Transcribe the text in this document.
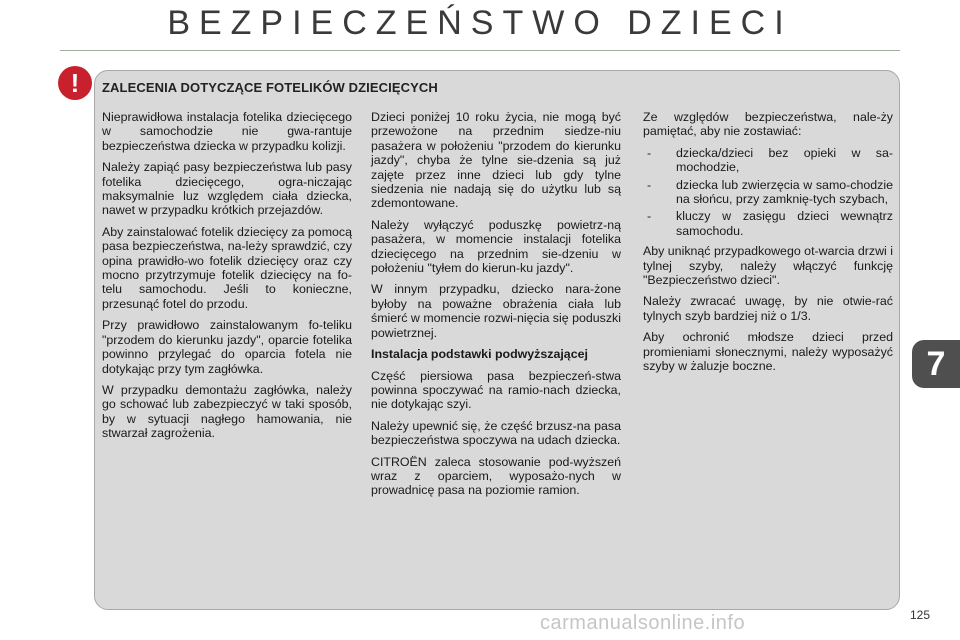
BEZPIECZEŃSTWO DZIECI
!	ZALECENIA DOTYCZĄCE FOTELIKÓW DZIECIĘCYCH

Nieprawidłowa instalacja fotelika dziecięcego w samochodzie nie gwa-rantuje bezpieczeństwa dziecka w przypadku kolizji.

Należy zapiąć pasy bezpieczeństwa lub pasy fotelika dziecięcego, ogra-niczając maksymalnie luz względem ciała dziecka, nawet w przypadku krótkich przejazdów.

Aby zainstalować fotelik dziecięcy za pomocą pasa bezpieczeństwa, na-leży sprawdzić, czy opina prawidło-wo fotelik dziecięcy oraz czy mocno przytrzymuje fotelik dziecięcy na fo-telu samochodu. Jeśli to konieczne, przesunąć fotel do przodu.

Przy prawidłowo zainstalowanym fo-teliku "przodem do kierunku jazdy", oparcie fotelika powinno przylegać do oparcia fotela nie dotykając przy tym zagłówka.

W przypadku demontażu zagłówka, należy go schować lub zabezpieczyć w taki sposób, by w sytuacji nagłego hamowania, nie stwarzał zagrożenia.

Dzieci poniżej 10 roku życia, nie mogą być przewożone na przednim siedze-niu pasażera w położeniu "przodem do kierunku jazdy", chyba że tylne sie-dzenia są już zajęte przez inne dzieci lub gdy tylne siedzenia nie nadają się do użytku lub są zdemontowane.

Należy wyłączyć poduszkę powietrz-ną pasażera, w momencie instalacji fotelika dziecięcego na przednim sie-dzeniu w położeniu "tyłem do kierun-ku jazdy".

W innym przypadku, dziecko nara-żone byłoby na poważne obrażenia ciała lub śmierć w momencie rozwi-nięcia się poduszki powietrznej.

Instalacja podstawki podwyższającej

Część piersiowa pasa bezpieczeń-stwa powinna spoczywać na ramio-nach dziecka, nie dotykając szyi.

Należy upewnić się, że część brzusz-na pasa bezpieczeństwa spoczywa na udach dziecka.

CITROËN zaleca stosowanie pod-wyższeń wraz z oparciem, wyposażo-nych w prowadnicę pasa na poziomie ramion.

Ze względów bezpieczeństwa, nale-ży pamiętać, aby nie zostawiać:

- dziecka/dzieci bez opieki w sa-mochodzie,
- dziecka lub zwierzęcia w samo-chodzie na słońcu, przy zamknię-tych szybach,
- kluczy w zasięgu dzieci wewnątrz samochodu.

Aby uniknąć przypadkowego ot-warcia drzwi i tylnej szyby, należy włączyć funkcję "Bezpieczeństwo dzieci".

Należy zwracać uwagę, by nie otwie-rać tylnych szyb bardziej niż o 1/3.

Aby ochronić młodsze dzieci przed promieniami słonecznymi, należy wyposażyć szyby w żaluzje boczne.	7
125
carmanualsonline.info
